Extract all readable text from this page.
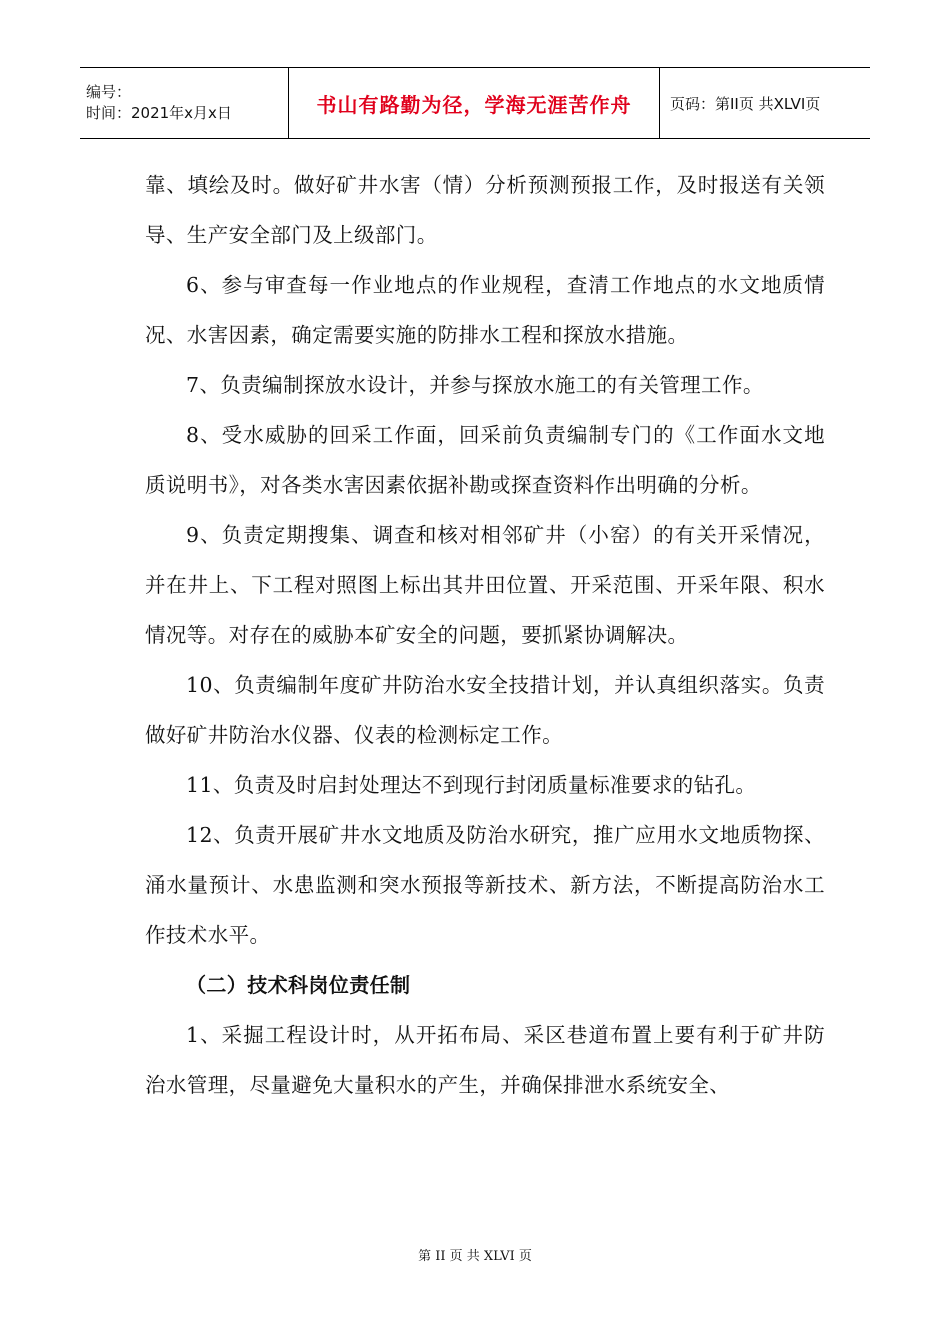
编号：
时间：2021年x月x日	书山有路勤为径，学海无涯苦作舟	页码：第II页 共XLVI页

靠、填绘及时。做好矿井水害（情）分析预测预报工作，及时报送有关领导、生产安全部门及上级部门。

6、参与审查每一作业地点的作业规程，查清工作地点的水文地质情况、水害因素，确定需要实施的防排水工程和探放水措施。

7、负责编制探放水设计，并参与探放水施工的有关管理工作。

8、受水威胁的回采工作面，回采前负责编制专门的《工作面水文地质说明书》，对各类水害因素依据补勘或探查资料作出明确的分析。

9、负责定期搜集、调查和核对相邻矿井（小窑）的有关开采情况，并在井上、下工程对照图上标出其井田位置、开采范围、开采年限、积水情况等。对存在的威胁本矿安全的问题，要抓紧协调解决。

10、负责编制年度矿井防治水安全技措计划，并认真组织落实。负责做好矿井防治水仪器、仪表的检测标定工作。

11、负责及时启封处理达不到现行封闭质量标准要求的钻孔。

12、负责开展矿井水文地质及防治水研究，推广应用水文地质物探、涌水量预计、水患监测和突水预报等新技术、新方法，不断提高防治水工作技术水平。

（二）技术科岗位责任制

1、采掘工程设计时，从开拓布局、采区巷道布置上要有利于矿井防治水管理，尽量避免大量积水的产生，并确保排泄水系统安全、

第 II 页 共 XLVI 页
